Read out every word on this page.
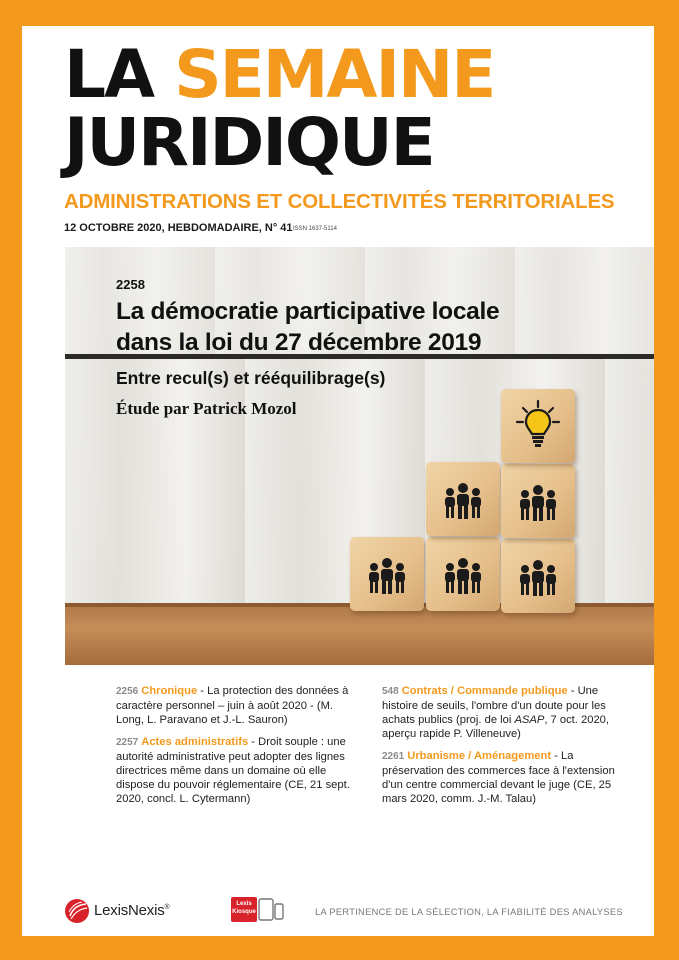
LA SEMAINE
JURIDIQUE
ADMINISTRATIONS ET COLLECTIVITÉS TERRITORIALES
12 OCTOBRE 2020, HEBDOMADAIRE, N° 41 ISSN 1637-5114
2258
La démocratie participative locale
dans la loi du 27 décembre 2019
Entre recul(s) et rééquilibrage(s)
Étude par Patrick Mozol
2256 Chronique - La protection des données à caractère personnel – juin à août 2020 - (M. Long, L. Paravano et J.-L. Sauron)
2257 Actes administratifs - Droit souple : une autorité administrative peut adopter des lignes directrices même dans un domaine où elle dispose du pouvoir réglementaire (CE, 21 sept. 2020, concl. L. Cytermann)
548 Contrats / Commande publique - Une histoire de seuils, l'ombre d'un doute pour les achats publics (proj. de loi ASAP, 7 oct. 2020, aperçu rapide P. Villeneuve)
2261 Urbanisme / Aménagement - La préservation des commerces face à l'extension d'un centre commercial devant le juge (CE, 25 mars 2020, comm. J.-M. Talau)
LexisNexis®	Lexis
Kiosque	LA PERTINENCE DE LA SÉLECTION, LA FIABILITÉ DES ANALYSES
